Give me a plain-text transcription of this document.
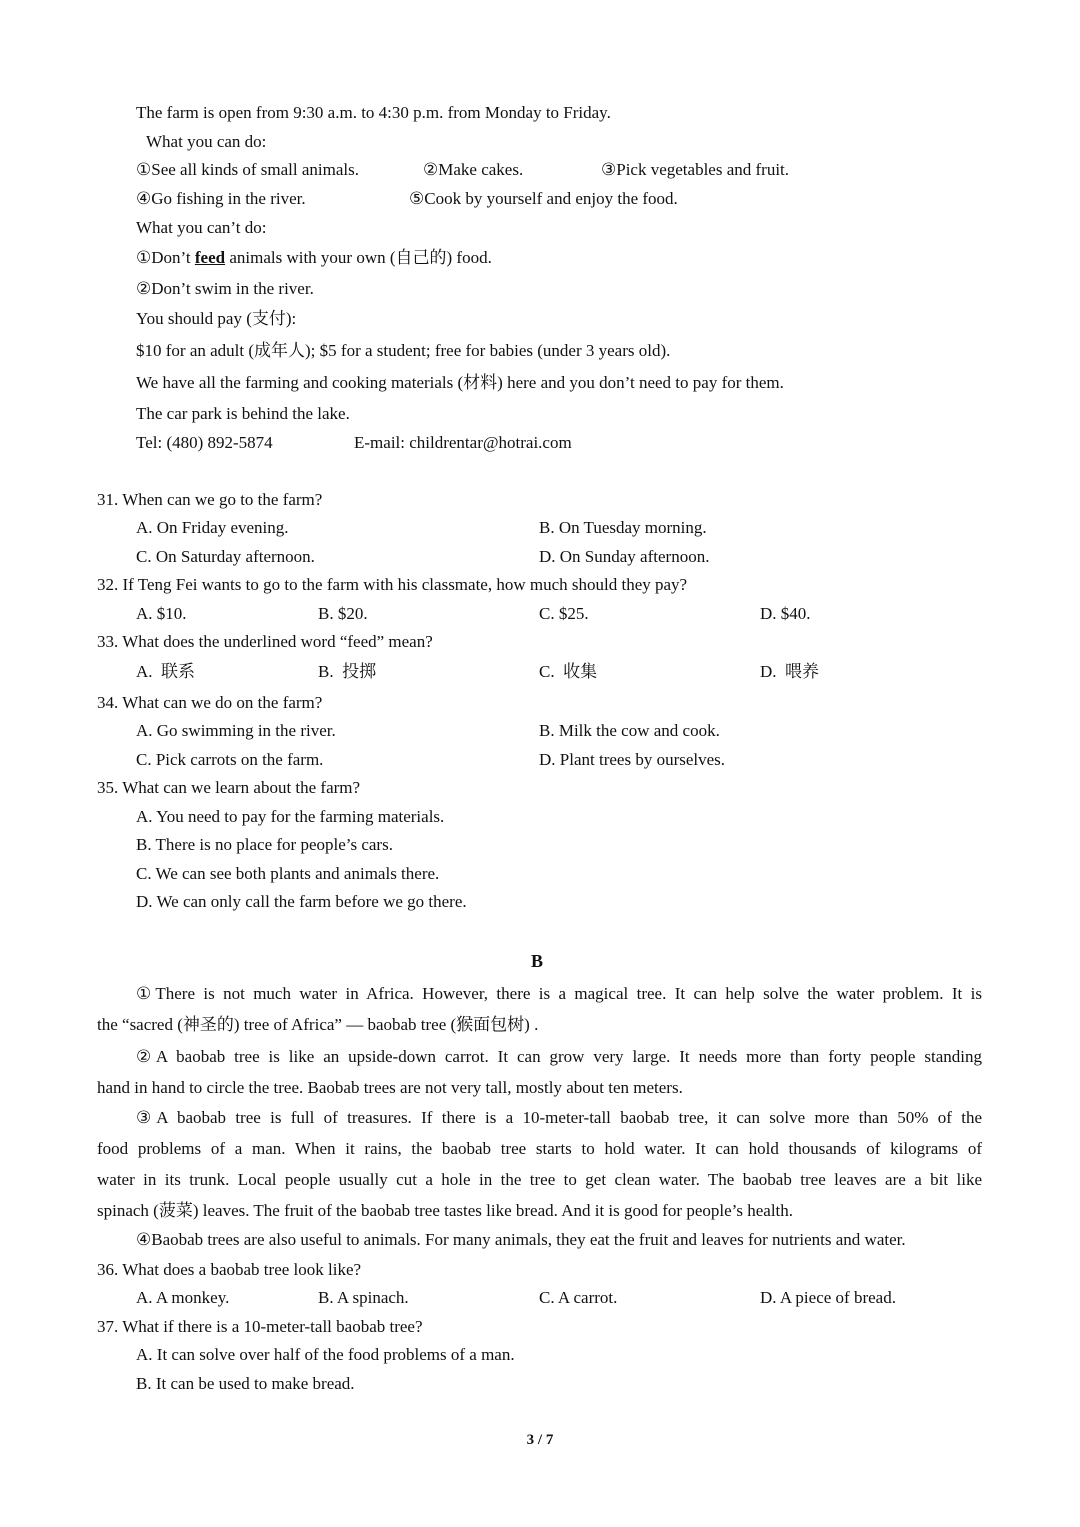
The farm is open from 9:30 a.m. to 4:30 p.m. from Monday to Friday.
What you can do:
①See all kinds of small animals.	②Make cakes.	③Pick vegetables and fruit.
④Go fishing in the river.	⑤Cook by yourself and enjoy the food.
What you can’t do:
①Don’t feed animals with your own (自己的) food.
②Don’t swim in the river.
You should pay (支付):
$10 for an adult (成年人); $5 for a student; free for babies (under 3 years old).
We have all the farming and cooking materials (材料) here and you don’t need to pay for them.
The car park is behind the lake.
Tel: (480) 892-5874	E-mail: childrentar@hotrai.com
31. When can we go to the farm?
A. On Friday evening.	B. On Tuesday morning.
C. On Saturday afternoon.	D. On Sunday afternoon.
32. If Teng Fei wants to go to the farm with his classmate, how much should they pay?
A. $10.	B. $20.	C. $25.	D. $40.
33. What does the underlined word “feed” mean?
A.  联系	B.  投掷	C.  收集	D.  喂养
34. What can we do on the farm?
A. Go swimming in the river.	B. Milk the cow and cook.
C. Pick carrots on the farm.	D. Plant trees by ourselves.
35. What can we learn about the farm?
A. You need to pay for the farming materials.
B. There is no place for people’s cars.
C. We can see both plants and animals there.
D. We can only call the farm before we go there.
B
①There is not much water in Africa. However, there is a magical tree. It can help solve the water problem. It is
the “sacred (神圣的) tree of Africa” — baobab tree (猴面包树) .
②A baobab tree is like an upside-down carrot. It can grow very large. It needs more than forty people standing
hand in hand to circle the tree. Baobab trees are not very tall, mostly about ten meters.
③A baobab tree is full of treasures. If there is a 10-meter-tall baobab tree, it can solve more than 50% of the
food problems of a man. When it rains, the baobab tree starts to hold water. It can hold thousands of kilograms of
water in its trunk. Local people usually cut a hole in the tree to get clean water. The baobab tree leaves are a bit like
spinach (菠菜) leaves. The fruit of the baobab tree tastes like bread. And it is good for people’s health.
④Baobab trees are also useful to animals. For many animals, they eat the fruit and leaves for nutrients and water.
36. What does a baobab tree look like?
A. A monkey.	B. A spinach.	C. A carrot.	D. A piece of bread.
37. What if there is a 10-meter-tall baobab tree?
A. It can solve over half of the food problems of a man.
B. It can be used to make bread.
3 / 7
